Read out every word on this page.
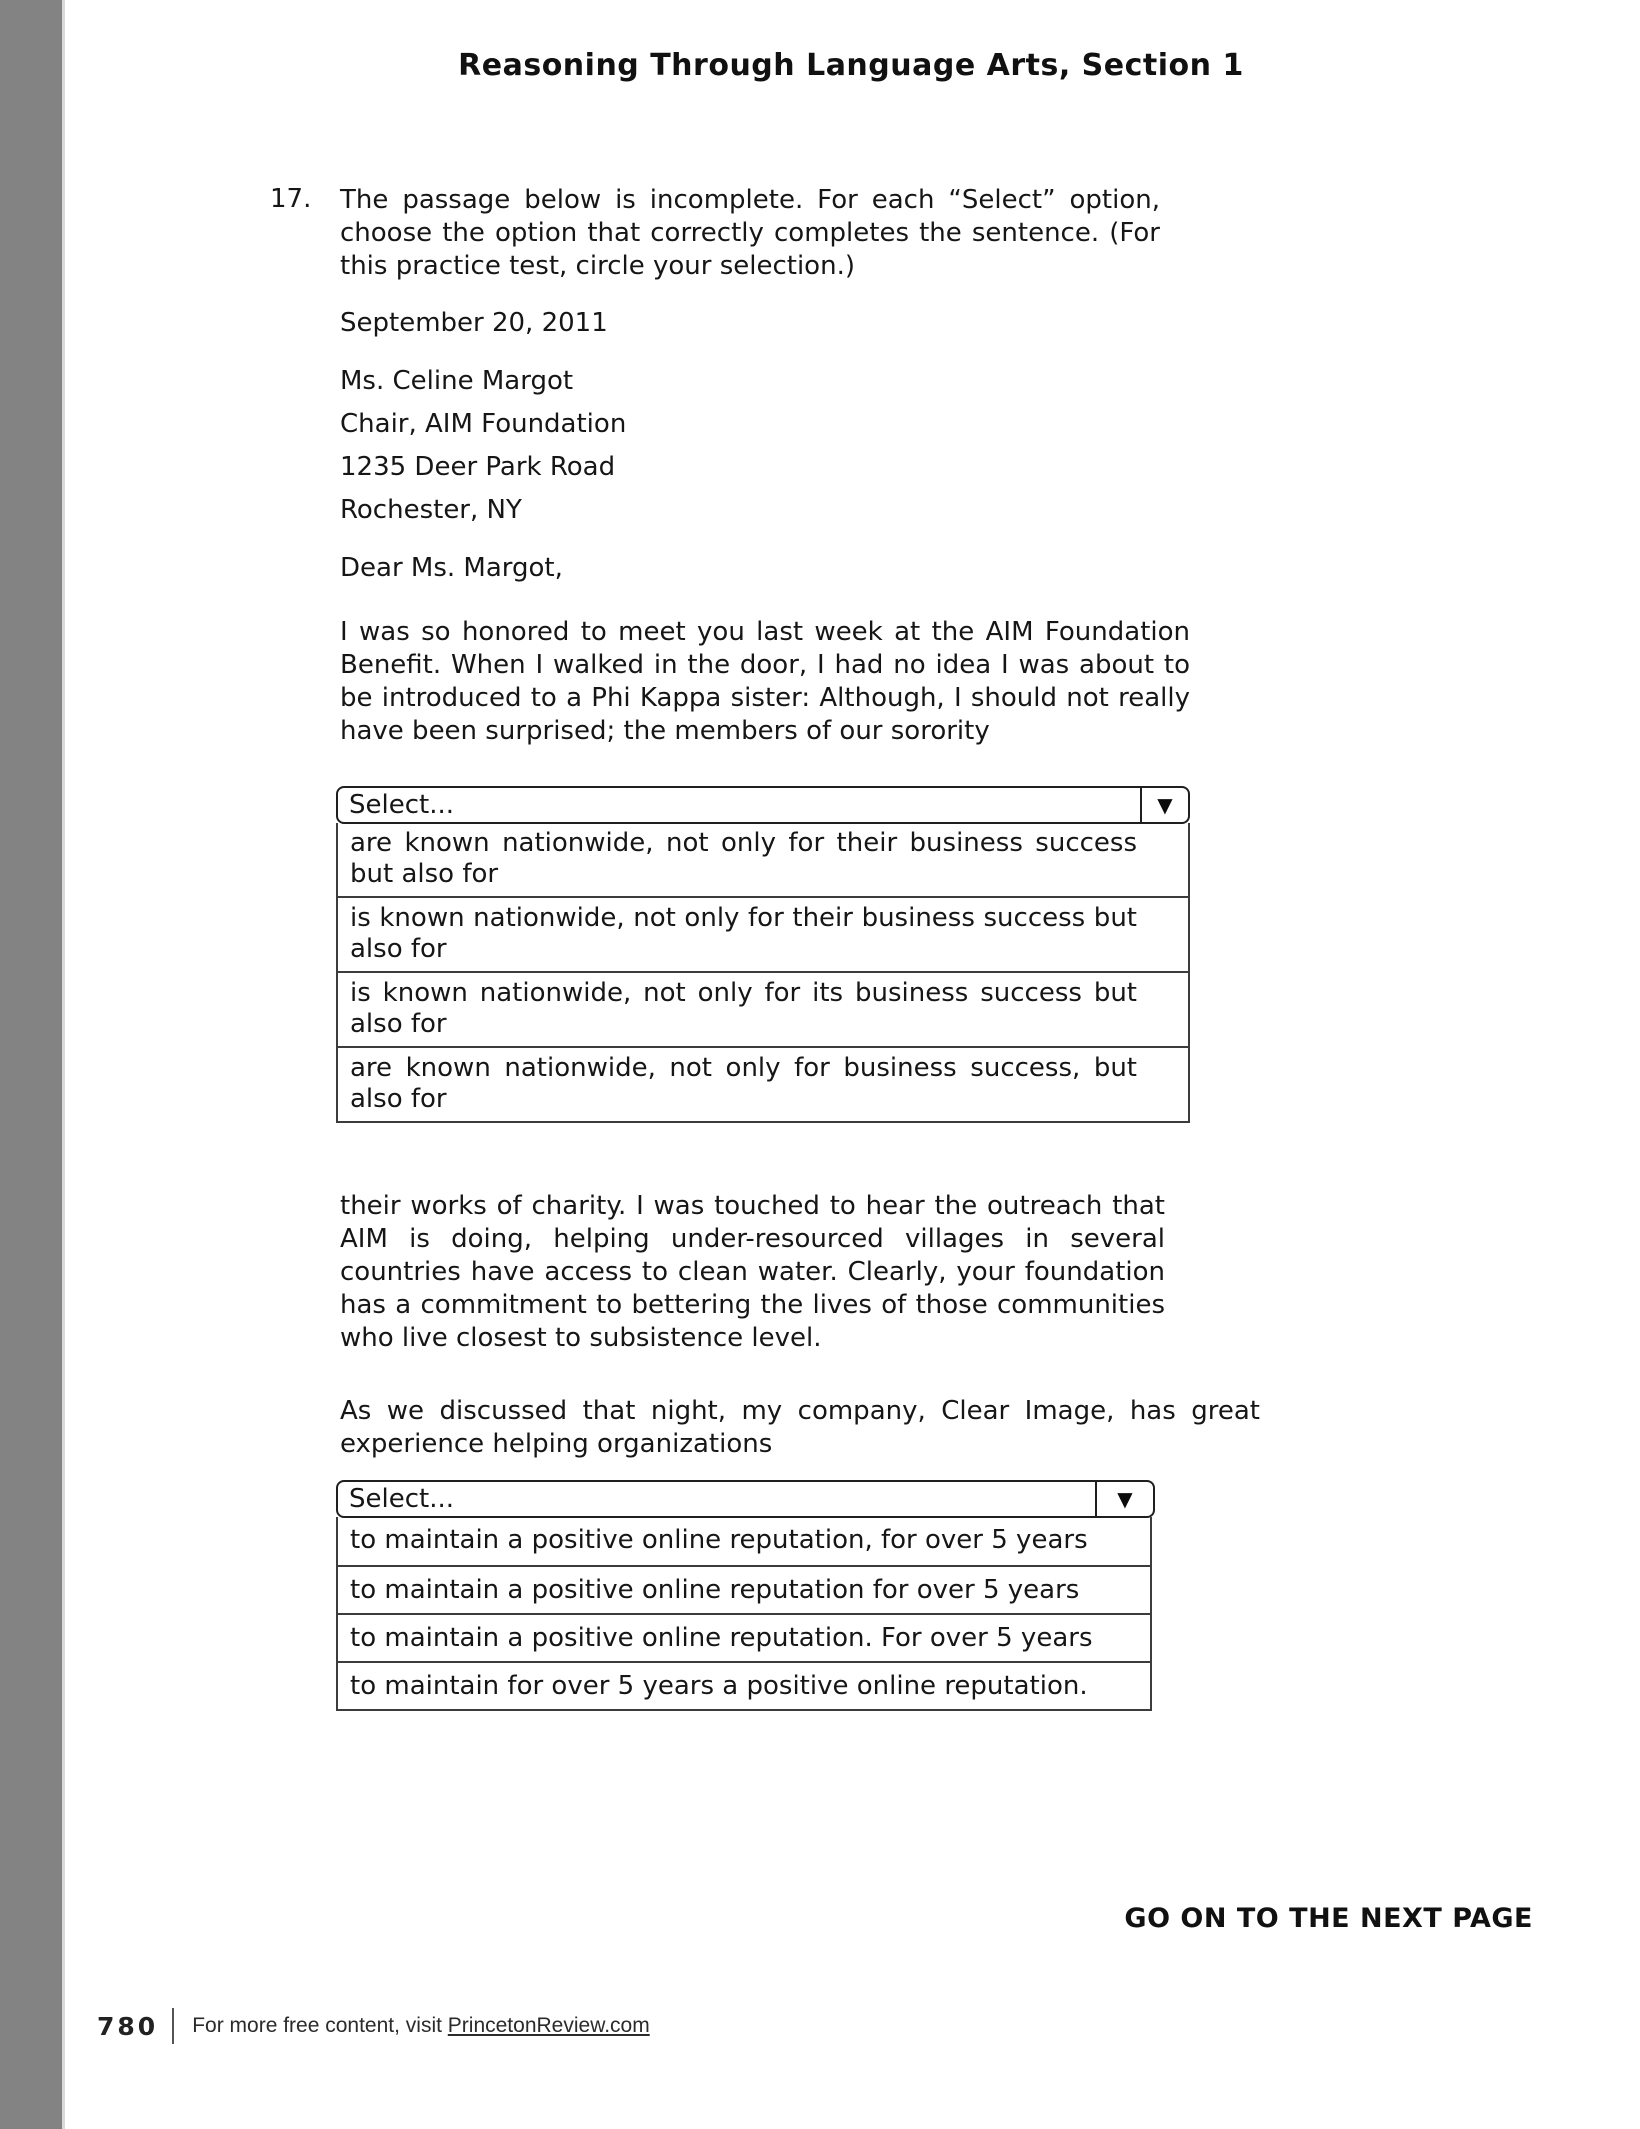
Reasoning Through Language Arts, Section 1
17. The passage below is incomplete. For each “Select” option, choose the option that correctly completes the sentence. (For this practice test, circle your selection.)
September 20, 2011
Ms. Celine Margot
Chair, AIM Foundation
1235 Deer Park Road
Rochester, NY
Dear Ms. Margot,
I was so honored to meet you last week at the AIM Foundation Benefit. When I walked in the door, I had no idea I was about to be introduced to a Phi Kappa sister: Although, I should not really have been surprised; the members of our sorority
Select...	▼
are known nationwide, not only for their business success but also for
is known nationwide, not only for their business success but also for
is known nationwide, not only for its business success but also for
are known nationwide, not only for business success, but also for
their works of charity. I was touched to hear the outreach that AIM is doing, helping under-resourced villages in several countries have access to clean water. Clearly, your foundation has a commitment to bettering the lives of those communities who live closest to subsistence level.
As we discussed that night, my company, Clear Image, has great experience helping organizations
Select...	▼
to maintain a positive online reputation, for over 5 years
to maintain a positive online reputation for over 5 years
to maintain a positive online reputation. For over 5 years
to maintain for over 5 years a positive online reputation.
GO ON TO THE NEXT PAGE
780 For more free content, visit PrincetonReview.com
